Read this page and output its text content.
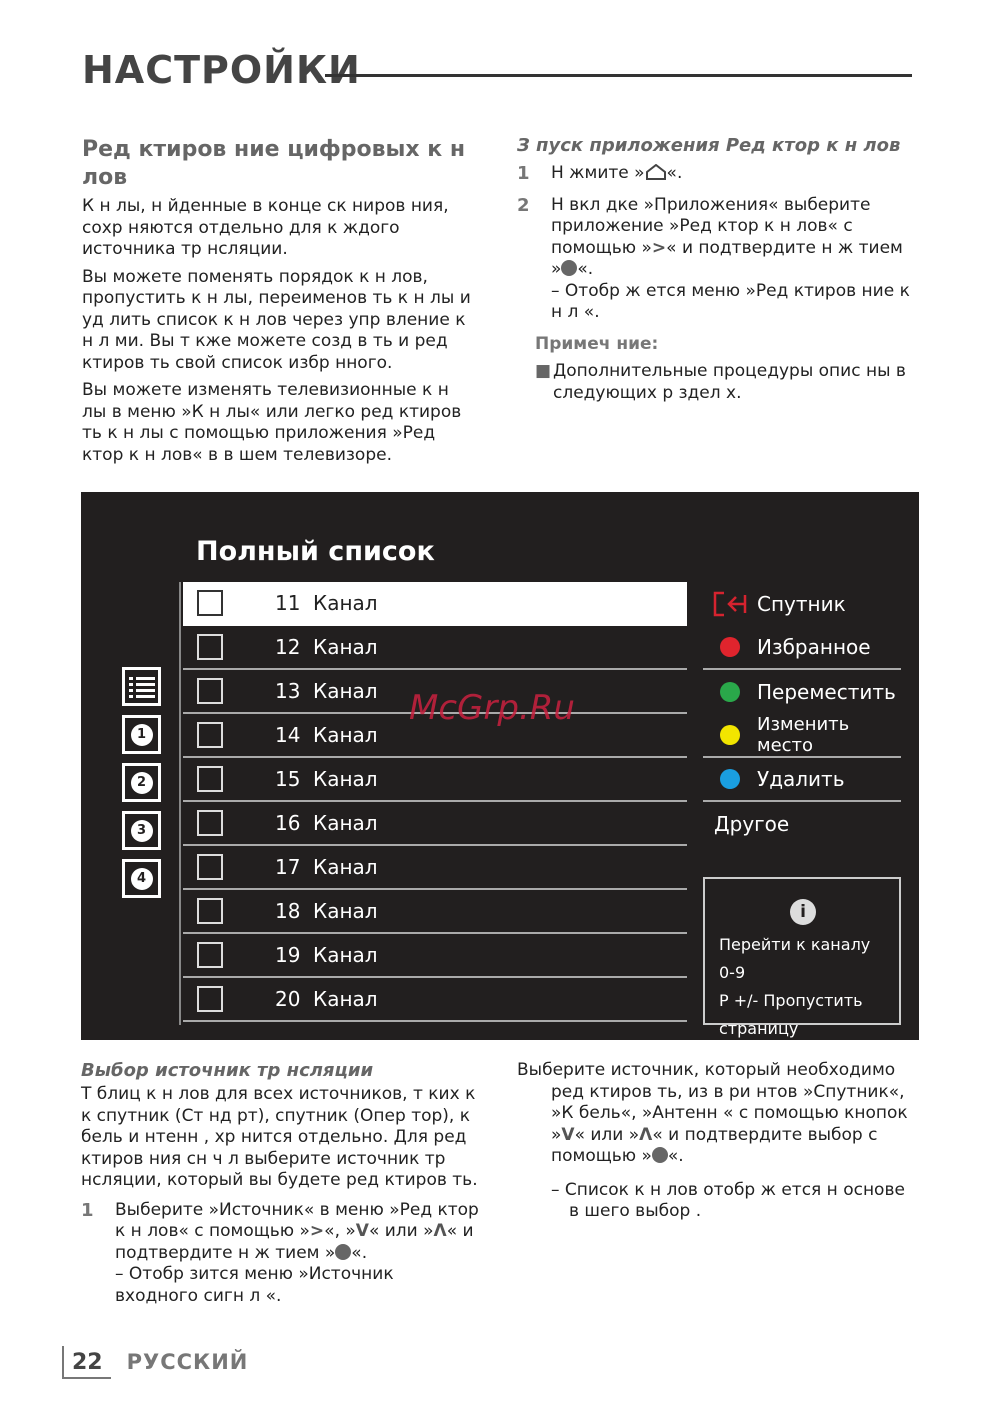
НАСТРОЙКИ
Ред ктиров ние цифровых к н лов
К н лы, н йденные в конце ск ниров ния, сохр няются отдельно для к ждого источника тр нсляции.
Вы можете поменять порядок к н лов, пропустить к н лы, переименов ть к н лы и уд лить список к н лов через упр вление к н л ми. Вы т кже можете созд в ть и ред ктиров ть свой список избр нного.
Вы можете изменять телевизионные к н лы в меню »К н лы« или легко ред ктиров ть к н лы с помощью приложения »Ред ктор к н лов« в в шем телевизоре.
З пуск приложения Ред ктор к н лов
1	Н жмите » «.
2	Н вкл дке »Приложения« выберите приложение »Ред ктор к н лов« с помощью »>« и подтвердите н ж тием » «.
– Отобр ж ется меню »Ред ктиров ние к н л «.
Примеч ние:
■ Дополнительные процедуры опис ны в следующих р здел х.
Полный список
1
2
3
4
11 Канал
12 Канал
13 Канал
14 Канал
15 Канал
16 Канал
17 Канал
18 Канал
19 Канал
20 Канал
Спутник
Избранное
Переместить
Изменить место
Удалить
Другое
i
Перейти к каналу 0-9
P +/- Пропустить
страницу
McGrp.Ru
Выбор источник тр нсляции
Т блиц к н лов для всех источников, т ких к к спутник (Ст нд рт), спутник (Опер тор), к бель и нтенн , хр нится отдельно. Для ред ктиров ния сн ч л выберите источник тр нсляции, который вы будете ред ктиров ть.
1	Выберите »Источник« в меню »Ред ктор к н лов« с помощью »>«, »V« или »Λ« и подтвердите н ж тием » «.
– Отобр зится меню »Источник входного сигн л «.
Выберите источник, который необходимо ред ктиров ть, из в ри нтов »Спутник«, »К бель«, »Антенн « с помощью кнопок »V« или »Λ« и подтвердите выбор с помощью » «.
– Список к н лов отобр ж ется н основе в шего выбор .
22	РУССКИЙ
